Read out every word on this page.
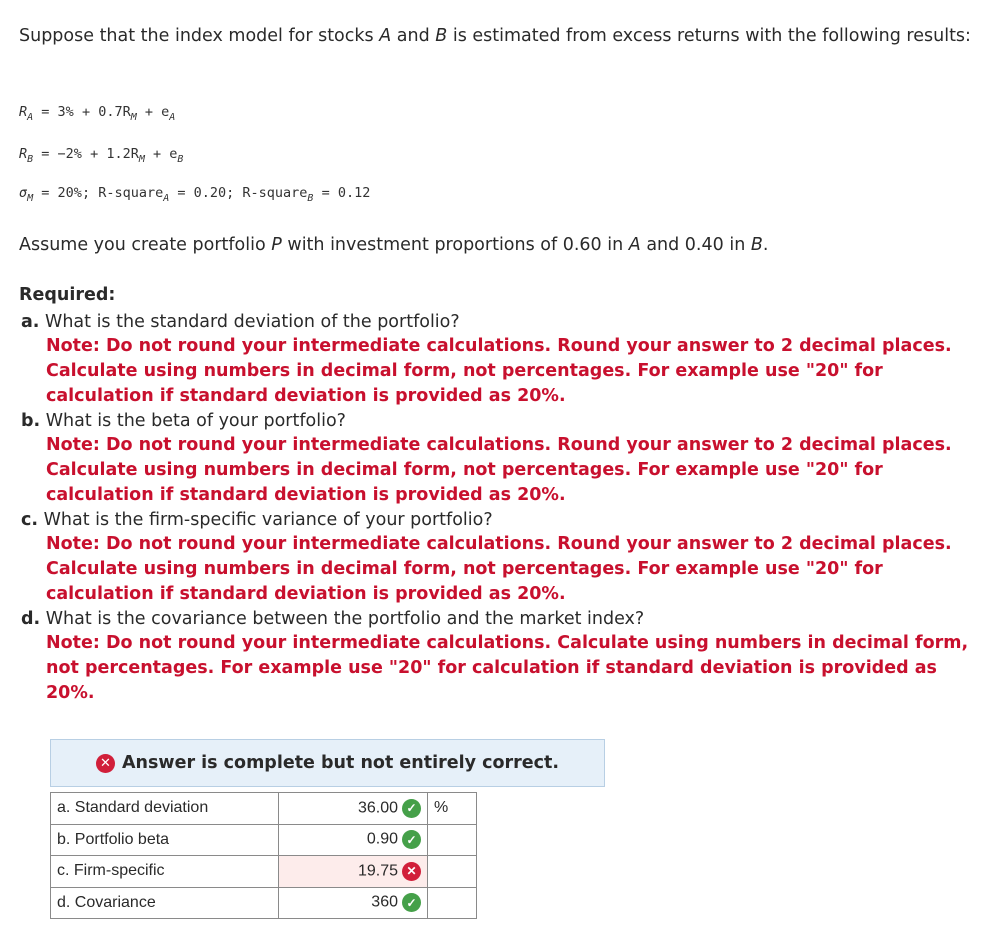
Suppose that the index model for stocks A and B is estimated from excess returns with the following results:
$R_A = 3\% + 0.7R_M + e_A$
$R_B = -2\% + 1.2R_M + e_B$
$\sigma_M = 20\%$; R-square$_A$ = 0.20; R-square$_B$ = 0.12
Assume you create portfolio P with investment proportions of 0.60 in A and 0.40 in B.
Required:
a. What is the standard deviation of the portfolio?
Note: Do not round your intermediate calculations. Round your answer to 2 decimal places. Calculate using numbers in decimal form, not percentages. For example use "20" for calculation if standard deviation is provided as 20%.
b. What is the beta of your portfolio?
Note: Do not round your intermediate calculations. Round your answer to 2 decimal places. Calculate using numbers in decimal form, not percentages. For example use "20" for calculation if standard deviation is provided as 20%.
c. What is the firm-specific variance of your portfolio?
Note: Do not round your intermediate calculations. Round your answer to 2 decimal places. Calculate using numbers in decimal form, not percentages. For example use "20" for calculation if standard deviation is provided as 20%.
d. What is the covariance between the portfolio and the market index?
Note: Do not round your intermediate calculations. Calculate using numbers in decimal form, not percentages. For example use "20" for calculation if standard deviation is provided as 20%.
✕ Answer is complete but not entirely correct.
a. Standard deviation	36.00 ✓	%
b. Portfolio beta	0.90 ✓	
c. Firm-specific	19.75 ✕	
d. Covariance	360 ✓	
